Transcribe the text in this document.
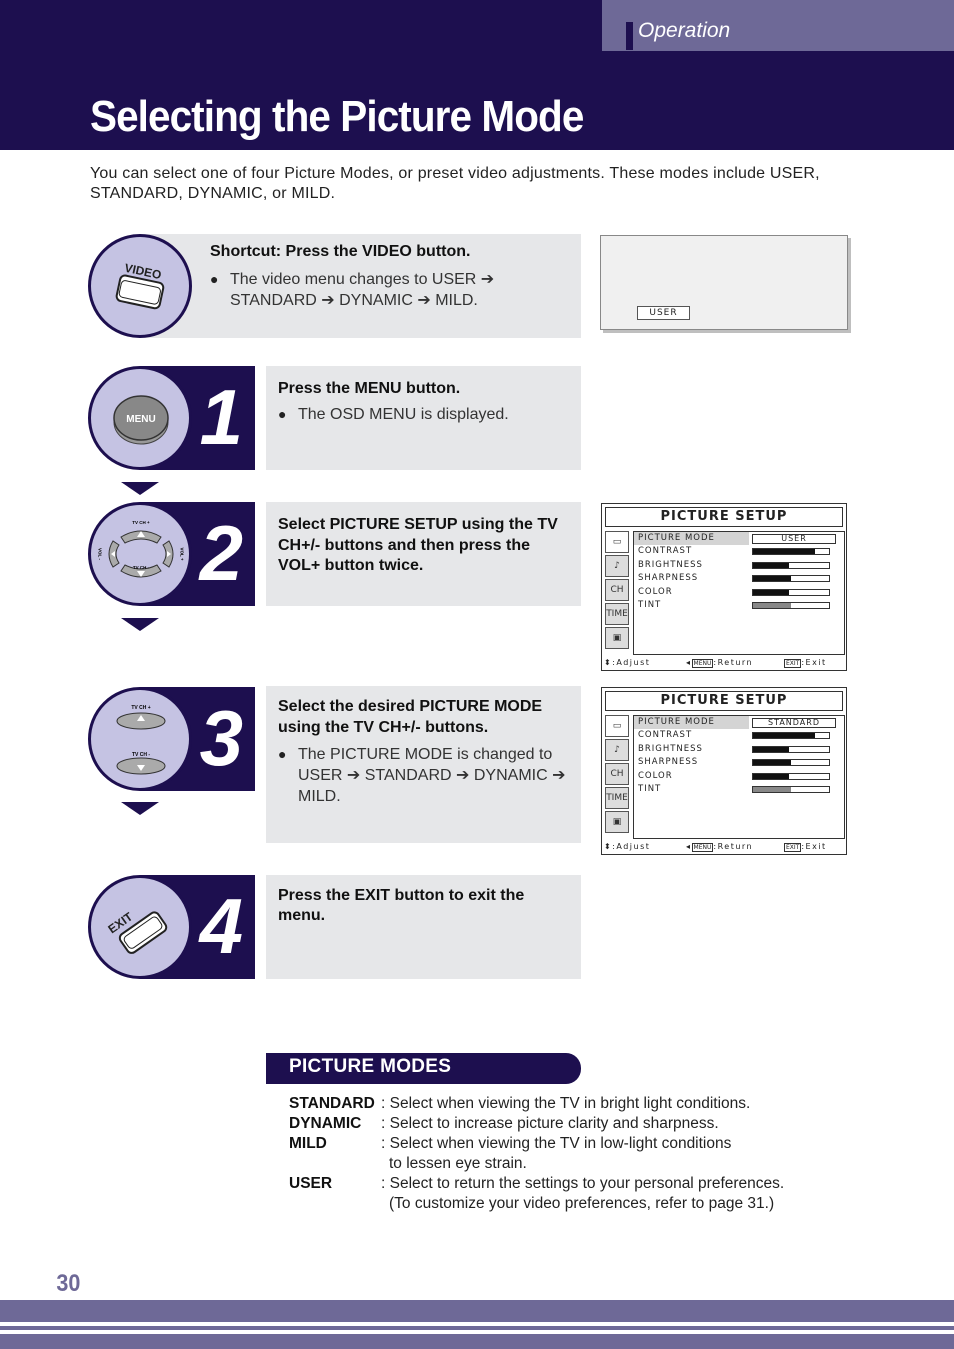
Operation
Selecting the Picture Mode
You can select one of four Picture Modes, or preset video adjustments. These modes include USER, STANDARD, DYNAMIC, or MILD.
Shortcut: Press the VIDEO button.

● The video menu changes to USER ➔ STANDARD ➔ DYNAMIC ➔ MILD.

VIDEO
USER
1
MENU
Press the MENU button.

● The OSD MENU is displayed.

2
TV CH +
TV CH -
VOL -	VOL +
Select PICTURE SETUP using the TV CH+/- buttons and then press the VOL+ button twice.
3
TV CH +
TV CH -
Select the desired PICTURE MODE using the TV CH+/- buttons.

● The PICTURE MODE is changed to USER ➔ STANDARD ➔ DYNAMIC ➔ MILD.

4
EXIT
Press the EXIT button to exit the menu.
PICTURE SETUP
▭
♪
CH
TIME
▣
PICTURE MODE	USER
CONTRAST
BRIGHTNESS
SHARPNESS
COLOR
TINT
⬍:Adjust	◂ MENU :Return	EXIT :Exit
PICTURE SETUP
▭
♪
CH
TIME
▣
PICTURE MODE	STANDARD
CONTRAST
BRIGHTNESS
SHARPNESS
COLOR
TINT
⬍:Adjust	◂ MENU :Return	EXIT :Exit
PICTURE MODES
STANDARD : Select when viewing the TV in bright light conditions.
DYNAMIC : Select to increase picture clarity and sharpness.
MILD	: Select when viewing the TV in low-light conditions
to lessen eye strain.
USER	: Select to return the settings to your personal preferences.
(To customize your video preferences, refer to page 31.)
30
